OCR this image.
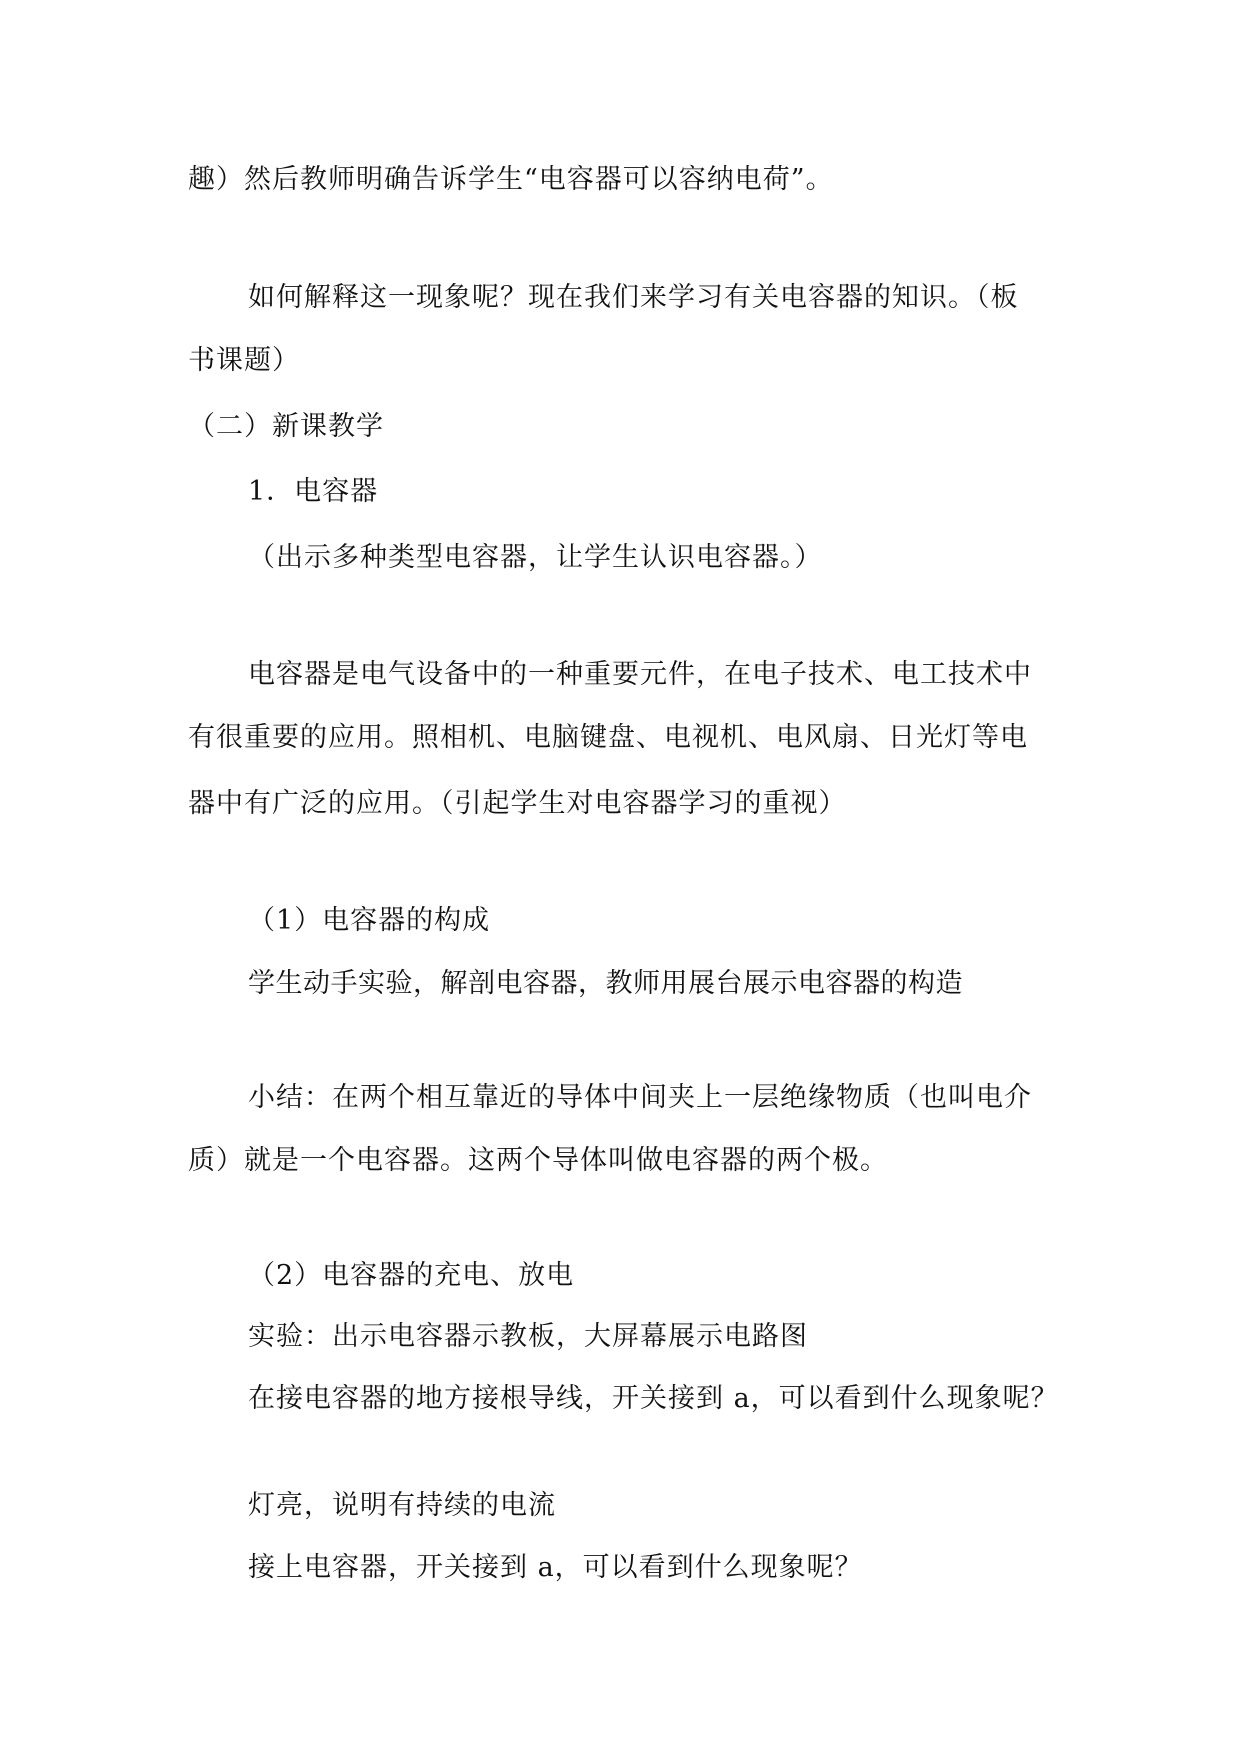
趣）然后教师明确告诉学生“电容器可以容纳电荷”。

如何解释这一现象呢？现在我们来学习有关电容器的知识。（板

书课题）

（二）新课教学

1．电容器

（出示多种类型电容器，让学生认识电容器。）

电容器是电气设备中的一种重要元件，在电子技术、电工技术中

有很重要的应用。照相机、电脑键盘、电视机、电风扇、日光灯等电

器中有广泛的应用。（引起学生对电容器学习的重视）

（1）电容器的构成

学生动手实验，解剖电容器，教师用展台展示电容器的构造

小结：在两个相互靠近的导体中间夹上一层绝缘物质（也叫电介

质）就是一个电容器。这两个导体叫做电容器的两个极。

（2）电容器的充电、放电

实验：出示电容器示教板，大屏幕展示电路图

在接电容器的地方接根导线，开关接到 a，可以看到什么现象呢？

灯亮，说明有持续的电流

接上电容器，开关接到 a，可以看到什么现象呢？
